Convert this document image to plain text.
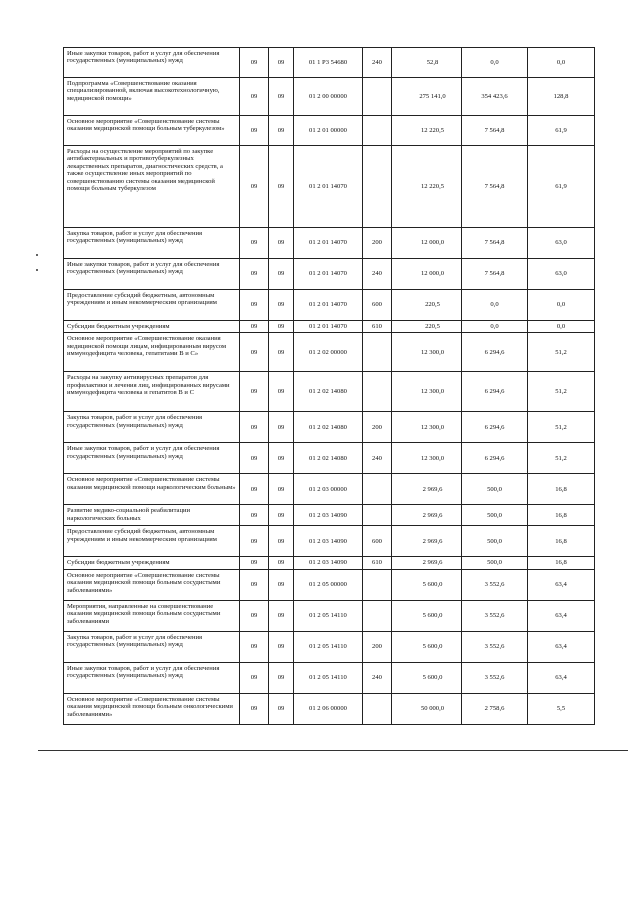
Иные закупки товаров, работ и услуг для обеспечения государственных (муниципальных) нужд	09	09	01 1 P3 54680	240	52,8	0,0	0,0
Подпрограмма «Совершенствование оказания специализированной, включая высокотехнологичную, медицинской помощи»	09	09	01 2 00 00000		275 141,0	354 423,6	128,8
Основное мероприятие «Совершенствование системы оказания медицинской помощи больным туберкулезом»	09	09	01 2 01 00000		12 220,5	7 564,8	61,9
Расходы на осуществление мероприятий по закупке антибактериальных и противотуберкулезных лекарственных препаратов, диагностических средств, а также осуществление иных мероприятий по совершенствованию системы оказания медицинской помощи больным туберкулезом	09	09	01 2 01 14070		12 220,5	7 564,8	61,9
Закупка товаров, работ и услуг для обеспечения государственных (муниципальных) нужд	09	09	01 2 01 14070	200	12 000,0	7 564,8	63,0
Иные закупки товаров, работ и услуг для обеспечения государственных (муниципальных) нужд	09	09	01 2 01 14070	240	12 000,0	7 564,8	63,0
Предоставление субсидий бюджетным, автономным учреждениям и иным некоммерческим организациям	09	09	01 2 01 14070	600	220,5	0,0	0,0
Субсидии бюджетным учреждениям	09	09	01 2 01 14070	610	220,5	0,0	0,0
Основное мероприятие «Совершенствование оказания медицинской помощи лицам, инфицированным вирусом иммунодефицита человека, гепатитами В и С»	09	09	01 2 02 00000		12 300,0	6 294,6	51,2
Расходы на закупку антивирусных препаратов для профилактики и лечения лиц, инфицированных вирусами иммунодефицита человека и гепатитов В и С	09	09	01 2 02 14080		12 300,0	6 294,6	51,2
Закупка товаров, работ и услуг для обеспечения государственных (муниципальных) нужд	09	09	01 2 02 14080	200	12 300,0	6 294,6	51,2
Иные закупки товаров, работ и услуг для обеспечения государственных (муниципальных) нужд	09	09	01 2 02 14080	240	12 300,0	6 294,6	51,2
Основное мероприятие «Совершенствование системы оказания медицинской помощи наркологическим больным»	09	09	01 2 03 00000		2 969,6	500,0	16,8
Развитие медико-социальной реабилитации наркологических больных	09	09	01 2 03 14090		2 969,6	500,0	16,8
Предоставление субсидий бюджетным, автономным учреждениям и иным некоммерческим организациям	09	09	01 2 03 14090	600	2 969,6	500,0	16,8
Субсидии бюджетным учреждениям	09	09	01 2 03 14090	610	2 969,6	500,0	16,8
Основное мероприятие «Совершенствование системы оказания медицинской помощи больным сосудистыми заболеваниями»	09	09	01 2 05 00000		5 600,0	3 552,6	63,4
Мероприятия, направленные на совершенствование оказания медицинской помощи больным сосудистыми заболеваниями	09	09	01 2 05 14110		5 600,0	3 552,6	63,4
Закупка товаров, работ и услуг для обеспечения государственных (муниципальных) нужд	09	09	01 2 05 14110	200	5 600,0	3 552,6	63,4
Иные закупки товаров, работ и услуг для обеспечения государственных (муниципальных) нужд	09	09	01 2 05 14110	240	5 600,0	3 552,6	63,4
Основное мероприятие «Совершенствование системы оказания медицинской помощи больным онкологическими заболеваниями»	09	09	01 2 06 00000		50 000,0	2 758,6	5,5
